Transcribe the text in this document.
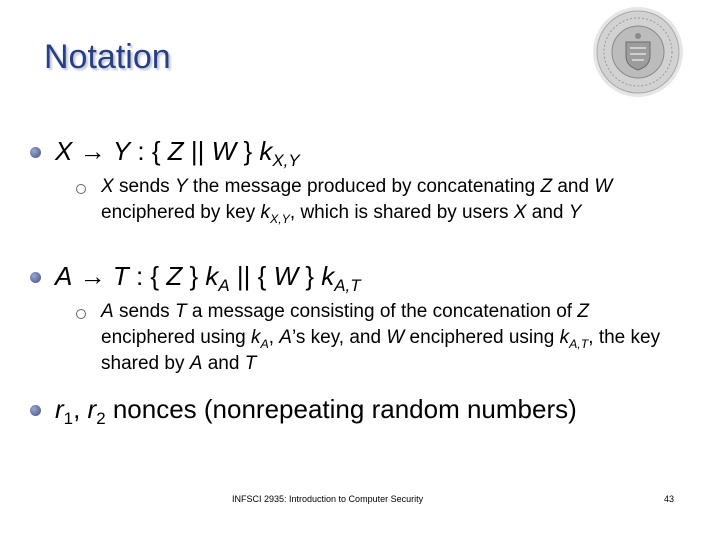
Notation
X → Y : { Z || W } $k_{X,Y}$
X sends Y the message produced by concatenating Z and W enciphered by key $k_{X,Y}$, which is shared by users X and Y
A → T : { Z } $k_A$ || { W } $k_{A,T}$
A sends T a message consisting of the concatenation of Z enciphered using $k_A$, A’s key, and W enciphered using $k_{A,T}$, the key shared by A and T
$r_1$, $r_2$ nonces (nonrepeating random numbers)
INFSCI 2935: Introduction to Computer Security	43
